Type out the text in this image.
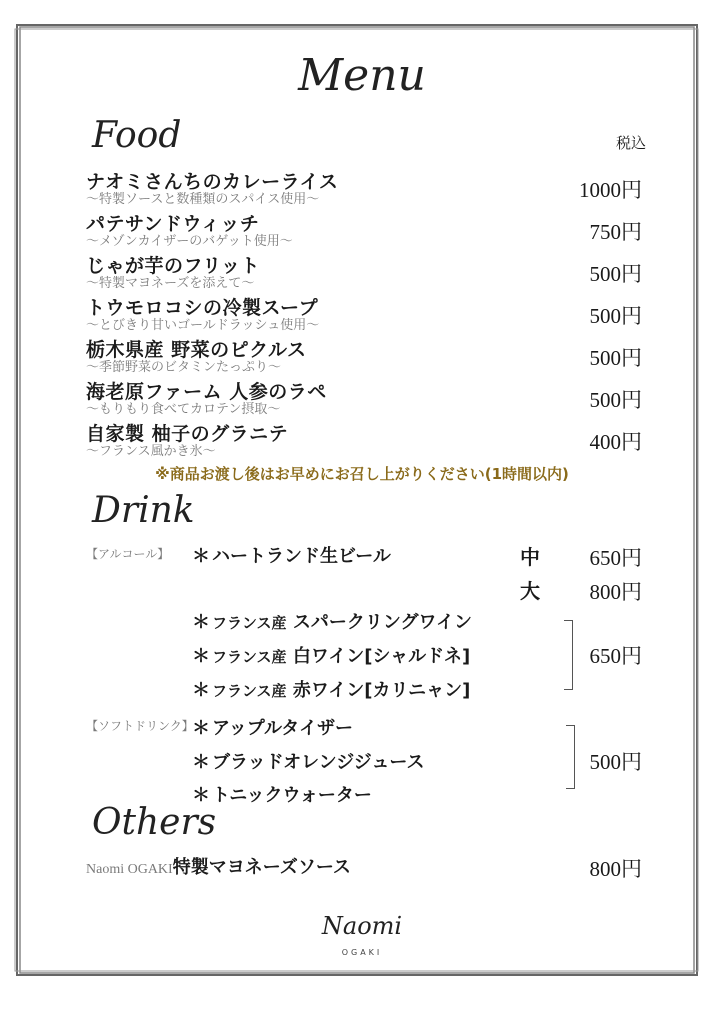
Menu
Food	税込
ナオミさんちのカレーライス
〜特製ソースと数種類のスパイス使用〜	1000円
パテサンドウィッチ
〜メゾンカイザーのバゲット使用〜	750円
じゃが芋のフリット
〜特製マヨネーズを添えて〜	500円
トウモロコシの冷製スープ
〜とびきり甘いゴールドラッシュ使用〜	500円
栃木県産 野菜のピクルス
〜季節野菜のビタミンたっぷり〜	500円
海老原ファーム 人参のラペ
〜もりもり食べてカロテン摂取〜	500円
自家製 柚子のグラニテ
〜フランス風かき氷〜	400円
※商品お渡し後はお早めにお召し上がりください(1時間以内)
Drink
【アルコール】 ＊ ハートランド生ビール	中 650円
大 800円
＊ フランス産 スパークリングワイン
＊ フランス産 白ワイン[シャルドネ]
＊ フランス産 赤ワイン[カリニャン]
650円
【ソフトドリンク】
＊ アップルタイザー
＊ ブラッドオレンジジュース
＊ トニックウォーター
500円
Others
Naomi OGAKI特製マヨネーズソース	800円
Naomi
OGAKI
